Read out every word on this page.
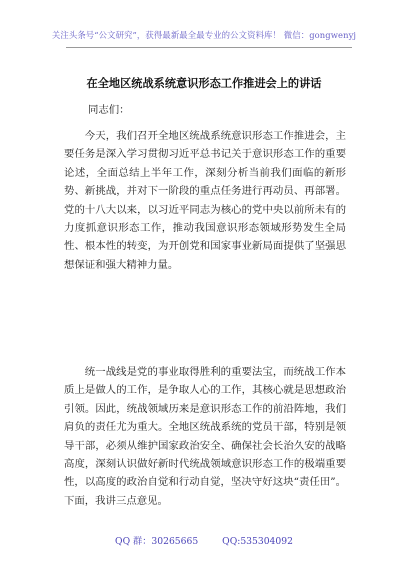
关注头条号“公文研究”，获得最新最全最专业的公文资料库！ 微信：gongwenyj
在全地区统战系统意识形态工作推进会上的讲话
同志们：

今天，我们召开全地区统战系统意识形态工作推进会，主要任务是深入学习贯彻习近平总书记关于意识形态工作的重要论述，全面总结上半年工作，深刻分析当前我们面临的新形势、新挑战，并对下一阶段的重点任务进行再动员、再部署。党的十八大以来，以习近平同志为核心的党中央以前所未有的力度抓意识形态工作，推动我国意识形态领域形势发生全局性、根本性的转变，为开创党和国家事业新局面提供了坚强思想保证和强大精神力量。

统一战线是党的事业取得胜利的重要法宝，而统战工作本质上是做人的工作，是争取人心的工作，其核心就是思想政治引领。因此，统战领域历来是意识形态工作的前沿阵地，我们肩负的责任尤为重大。全地区统战系统的党员干部，特别是领导干部，必须从维护国家政治安全、确保社会长治久安的战略高度，深刻认识做好新时代统战领域意识形态工作的极端重要性，以高度的政治自觉和行动自觉，坚决守好这块“责任田”。下面，我讲三点意见。

QQ 群：30265665	QQ:535304092
